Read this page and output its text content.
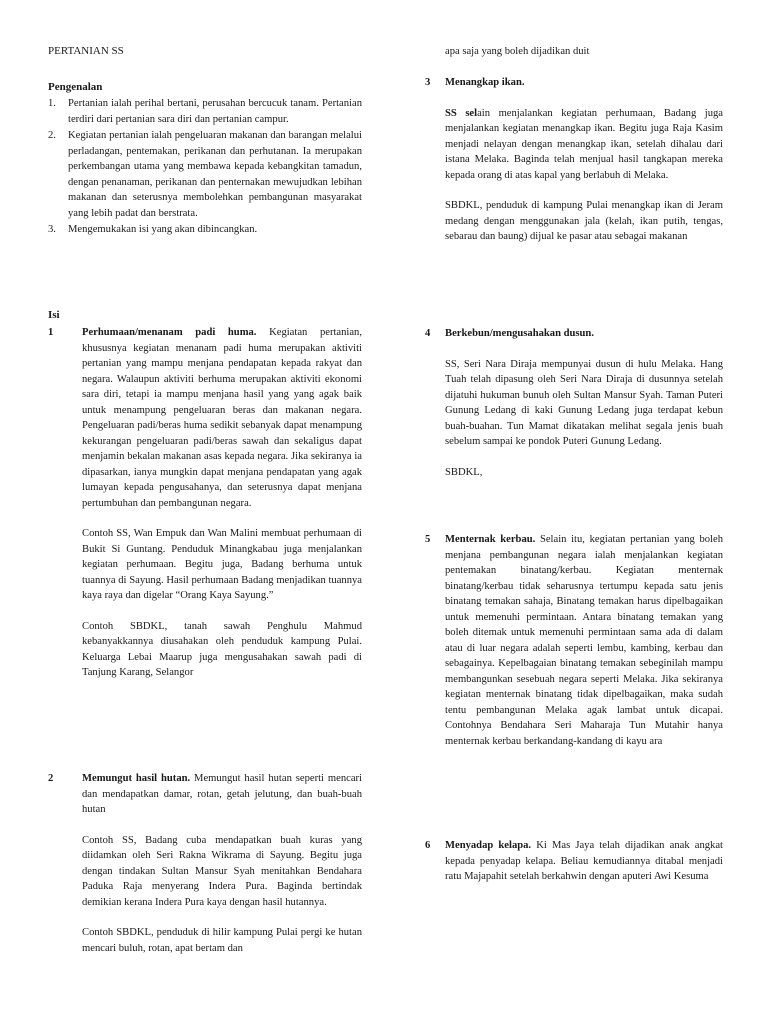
PERTANIAN SS
Pengenalan
1. Pertanian ialah perihal bertani, perusahan bercucuk tanam. Pertanian terdiri dari pertanian sara diri dan pertanian campur.
2. Kegiatan pertanian ialah pengeluaran makanan dan barangan melalui perladangan, pentemakan, perikanan dan perhutanan. Ia merupakan perkembangan utama yang membawa kepada kebangkitan tamadun, dengan penanaman, perikanan dan penternakan mewujudkan lebihan makanan dan seterusnya membolehkan pembangunan masyarakat yang lebih padat dan berstrata.
3. Mengemukakan isi yang akan dibincangkan.
Isi
1	Perhumaan/menanam padi huma. Kegiatan pertanian, khususnya kegiatan menanam padi huma merupakan aktiviti pertanian yang mampu menjana pendapatan kepada rakyat dan negara. Walaupun aktiviti berhuma merupakan aktiviti ekonomi sara diri, tetapi ia mampu menjana hasil yang yang agak baik untuk menampung pengeluaran beras dan makanan negara. Pengeluaran padi/beras huma sedikit sebanyak dapat menampung kekurangan pengeluaran padi/beras sawah dan sekaligus dapat menjamin bekalan makanan asas kepada negara. Jika sekiranya ia dipasarkan, ianya mungkin dapat menjana pendapatan yang agak lumayan kepada pengusahanya, dan seterusnya dapat menjana pertumbuhan dan pembangunan negara.

Contoh SS, Wan Empuk dan Wan Malini membuat perhumaan di Bukit Si Guntang. Penduduk Minangkabau juga menjalankan kegiatan perhumaan. Begitu juga, Badang berhuma untuk tuannya di Sayung. Hasil perhumaan Badang menjadikan tuannya kaya raya dan digelar “Orang Kaya Sayung.”

Contoh SBDKL, tanah sawah Penghulu Mahmud kebanyakkannya diusahakan oleh penduduk kampung Pulai. Keluarga Lebai Maarup juga mengusahakan sawah padi di Tanjung Karang, Selangor

2	Memungut hasil hutan. Memungut hasil hutan seperti mencari dan mendapatkan damar, rotan, getah jelutung, dan buah-buah hutan

Contoh SS, Badang cuba mendapatkan buah kuras yang diidamkan oleh Seri Rakna Wikrama di Sayung. Begitu juga dengan tindakan Sultan Mansur Syah menitahkan Bendahara Paduka Raja menyerang Indera Pura. Baginda bertindak demikian kerana Indera Pura kaya dengan hasil hutannya.

Contoh SBDKL, penduduk di hilir kampung Pulai pergi ke hutan mencari buluh, rotan, apat bertam dan

apa saja yang boleh dijadikan duit

3 Menangkap ikan.

SS selain menjalankan kegiatan perhumaan, Badang juga menjalankan kegiatan menangkap ikan. Begitu juga Raja Kasim menjadi nelayan dengan menangkap ikan, setelah dihalau dari istana Melaka. Baginda telah menjual hasil tangkapan mereka kepada orang di atas kapal yang berlabuh di Melaka.

SBDKL, penduduk di kampung Pulai menangkap ikan di Jeram medang dengan menggunakan jala (kelah, ikan putih, tengas, sebarau dan baung) dijual ke pasar atau sebagai makanan

4 Berkebun/mengusahakan dusun.

SS, Seri Nara Diraja mempunyai dusun di hulu Melaka. Hang Tuah telah dipasung oleh Seri Nara Diraja di dusunnya setelah dijatuhi hukuman bunuh oleh Sultan Mansur Syah. Taman Puteri Gunung Ledang di kaki Gunung Ledang juga terdapat kebun buah-buahan. Tun Mamat dikatakan melihat segala jenis buah sebelum sampai ke pondok Puteri Gunung Ledang.

SBDKL,

5 Menternak kerbau. Selain itu, kegiatan pertanian yang boleh menjana pembangunan negara ialah menjalankan kegiatan pentemakan binatang/kerbau. Kegiatan menternak binatang/kerbau tidak seharusnya tertumpu kepada satu jenis binatang temakan sahaja, Binatang temakan harus dipelbagaikan untuk memenuhi permintaan. Antara binatang temakan yang boleh ditemak untuk memenuhi permintaan sama ada di dalam atau di luar negara adalah seperti lembu, kambing, kerbau dan sebagainya. Kepelbagaian binatang temakan sebeginilah mampu membangunkan sesebuah negara seperti Melaka. Jika sekiranya kegiatan menternak binatang tidak dipelbagaikan, maka sudah tentu pembangunan Melaka agak lambat untuk dicapai. Contohnya Bendahara Seri Maharaja Tun Mutahir hanya menternak kerbau berkandang-kandang di kayu ara

6 Menyadap kelapa. Ki Mas Jaya telah dijadikan anak angkat kepada penyadap kelapa. Beliau kemudiannya ditabal menjadi ratu Majapahit setelah berkahwin dengan aputeri Awi Kesuma
